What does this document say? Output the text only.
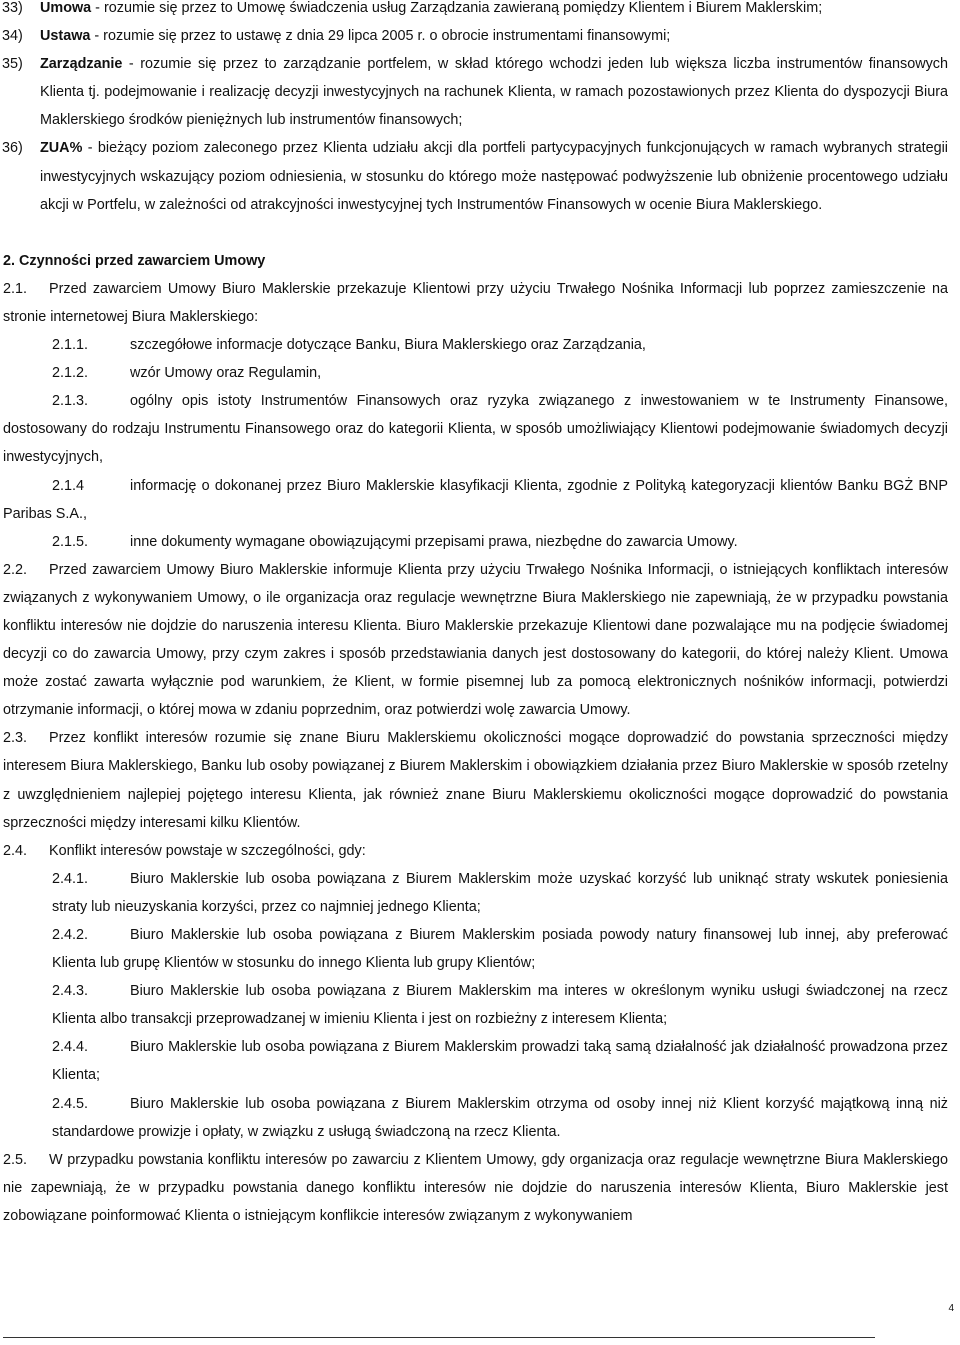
33)	Umowa - rozumie się przez to Umowę świadczenia usług Zarządzania zawieraną pomiędzy Klientem i Biurem Maklerskim;
34)	Ustawa - rozumie się przez to ustawę z dnia 29 lipca 2005 r. o obrocie instrumentami finansowymi;
35)	Zarządzanie - rozumie się przez to zarządzanie portfelem, w skład którego wchodzi jeden lub większa liczba instrumentów finansowych Klienta tj. podejmowanie i realizację decyzji inwestycyjnych na rachunek Klienta, w ramach pozostawionych przez Klienta do dyspozycji Biura Maklerskiego środków pieniężnych lub instrumentów finansowych;
36)	ZUA% - bieżący poziom zaleconego przez Klienta udziału akcji dla portfeli partycypacyjnych funkcjonujących w ramach wybranych strategii inwestycyjnych wskazujący poziom odniesienia, w stosunku do którego może następować podwyższenie lub obniżenie procentowego udziału akcji w Portfelu, w zależności od atrakcyjności inwestycyjnej tych Instrumentów Finansowych w ocenie Biura Maklerskiego.

2. Czynności przed zawarciem Umowy

2.1. Przed zawarciem Umowy Biuro Maklerskie przekazuje Klientowi przy użyciu Trwałego Nośnika Informacji lub poprzez zamieszczenie na stronie internetowej Biura Maklerskiego:

2.1.1.	szczegółowe informacje dotyczące Banku, Biura Maklerskiego oraz Zarządzania,

2.1.2.	wzór Umowy oraz Regulamin,

2.1.3.	ogólny opis istoty Instrumentów Finansowych oraz ryzyka związanego z inwestowaniem w te Instrumenty Finansowe, dostosowany do rodzaju Instrumentu Finansowego oraz do kategorii Klienta, w sposób umożliwiający Klientowi podejmowanie świadomych decyzji inwestycyjnych,

2.1.4	informację o dokonanej przez Biuro Maklerskie klasyfikacji Klienta, zgodnie z Polityką kategoryzacji klientów Banku BGŻ BNP Paribas S.A.,

2.1.5.	inne dokumenty wymagane obowiązującymi przepisami prawa, niezbędne do zawarcia Umowy.

2.2. Przed zawarciem Umowy Biuro Maklerskie informuje Klienta przy użyciu Trwałego Nośnika Informacji, o istniejących konfliktach interesów związanych z wykonywaniem Umowy, o ile organizacja oraz regulacje wewnętrzne Biura Maklerskiego nie zapewniają, że w przypadku powstania konfliktu interesów nie dojdzie do naruszenia interesu Klienta. Biuro Maklerskie przekazuje Klientowi dane pozwalające mu na podjęcie świadomej decyzji co do zawarcia Umowy, przy czym zakres i sposób przedstawiania danych jest dostosowany do kategorii, do której należy Klient. Umowa może zostać zawarta wyłącznie pod warunkiem, że Klient, w formie pisemnej lub za pomocą elektronicznych nośników informacji, potwierdzi otrzymanie informacji, o której mowa w zdaniu poprzednim, oraz potwierdzi wolę zawarcia Umowy.

2.3. Przez konflikt interesów rozumie się znane Biuru Maklerskiemu okoliczności mogące doprowadzić do powstania sprzeczności między interesem Biura Maklerskiego, Banku lub osoby powiązanej z Biurem Maklerskim i obowiązkiem działania przez Biuro Maklerskie w sposób rzetelny z uwzględnieniem najlepiej pojętego interesu Klienta, jak również znane Biuru Maklerskiemu okoliczności mogące doprowadzić do powstania sprzeczności między interesami kilku Klientów.

2.4. Konflikt interesów powstaje w szczególności, gdy:

2.4.1.	Biuro Maklerskie lub osoba powiązana z Biurem Maklerskim może uzyskać korzyść lub uniknąć straty wskutek poniesienia straty lub nieuzyskania korzyści, przez co najmniej jednego Klienta;

2.4.2.	Biuro Maklerskie lub osoba powiązana z Biurem Maklerskim posiada powody natury finansowej lub innej, aby preferować Klienta lub grupę Klientów w stosunku do innego Klienta lub grupy Klientów;

2.4.3.	Biuro Maklerskie lub osoba powiązana z Biurem Maklerskim ma interes w określonym wyniku usługi świadczonej na rzecz Klienta albo transakcji przeprowadzanej w imieniu Klienta i jest on rozbieżny z interesem Klienta;

2.4.4.	Biuro Maklerskie lub osoba powiązana z Biurem Maklerskim prowadzi taką samą działalność jak działalność prowadzona przez Klienta;

2.4.5.	Biuro Maklerskie lub osoba powiązana z Biurem Maklerskim otrzyma od osoby innej niż Klient korzyść majątkową inną niż standardowe prowizje i opłaty, w związku z usługą świadczoną na rzecz Klienta.

2.5. W przypadku powstania konfliktu interesów po zawarciu z Klientem Umowy, gdy organizacja oraz regulacje wewnętrzne Biura Maklerskiego nie zapewniają, że w przypadku powstania danego konfliktu interesów nie dojdzie do naruszenia interesów Klienta, Biuro Maklerskie jest zobowiązane poinformować Klienta o istniejącym konflikcie interesów związanym z wykonywaniem

4
